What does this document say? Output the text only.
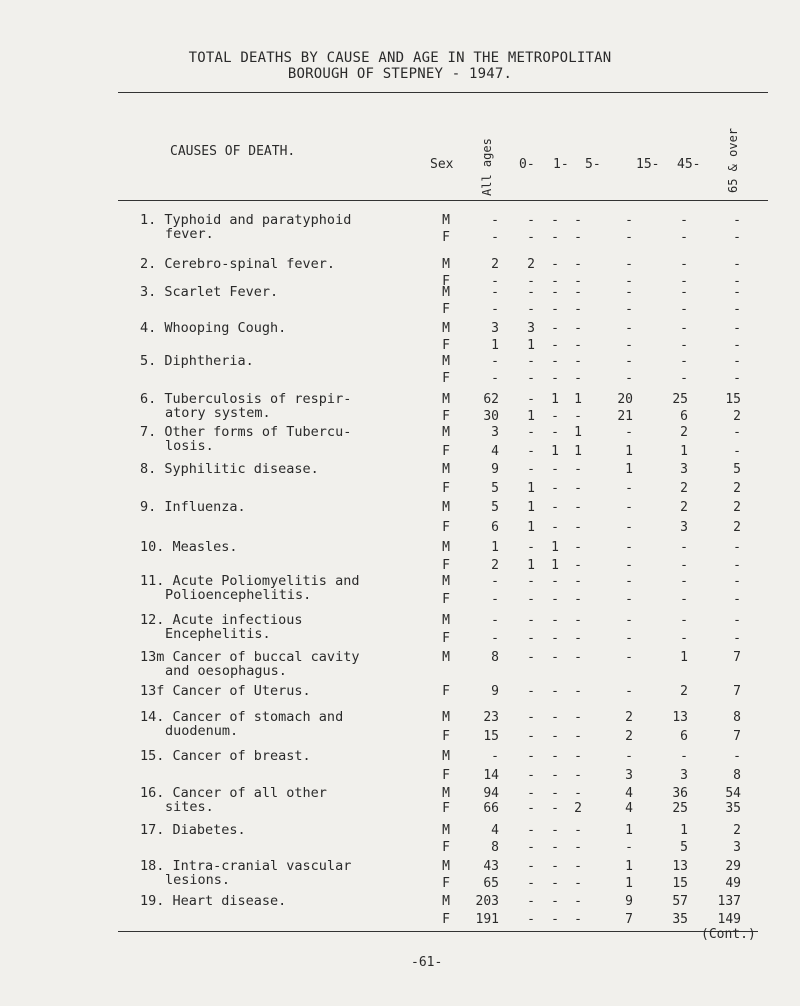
TOTAL DEATHS BY CAUSE AND AGE IN THE METROPOLITAN
BOROUGH OF STEPNEY - 1947.
CAUSES OF DEATH.
Sex All ages 0- 1- 5-	15- 45- 65 & over
1. Typhoid and paratyphoid
fever.
M	-	-	-	-	-	-	-
F	-	-	-	-	-	-	-
2. Cerebro-spinal fever.	M	2	2	-	-	-	-	-
F	-	-	-	-	-	-	-
3. Scarlet Fever.	M	-	-	-	-	-	-	-
F	-	-	-	-	-	-	-
4. Whooping Cough.	M	3	3	-	-	-	-	-
F	1	1	-	-	-	-	-
5. Diphtheria.	M	-	-	-	-	-	-	-
F	-	-	-	-	-	-	-
6. Tuberculosis of respir-
atory system.
M	62	-	1	1	20	25	15
F	30	1	-	-	21	6	2
7. Other forms of Tubercu-
losis.
M	3	-	-	1	-	2	-
F	4	-	1	1	1	1	-
8. Syphilitic disease.	M	9	-	-	-	1	3	5
F	5	1	-	-	-	2	2
9. Influenza.	M	5	1	-	-	-	2	2
F	6	1	-	-	-	3	2
10. Measles.	M	1	-	1	-	-	-	-
F	2	1	1	-	-	-	-
11. Acute Poliomyelitis and
Polioencephelitis.
M	-	-	-	-	-	-	-
F	-	-	-	-	-	-	-
12. Acute infectious
Encephelitis.
M	-	-	-	-	-	-	-
F	-	-	-	-	-	-	-
13m Cancer of buccal cavity
and oesophagus.
M	8	-	-	-	-	1	7
13f Cancer of Uterus.	F	9	-	-	-	-	2	7
14. Cancer of stomach and
duodenum.
M	23	-	-	-	2	13	8
F	15	-	-	-	2	6	7
15. Cancer of breast.	M	-	-	-	-	-	-	-
F	14	-	-	-	3	3	8
16. Cancer of all other
sites.
M	94	-	-	-	4	36	54
F	66	-	-	2	4	25	35
17. Diabetes.	M	4	-	-	-	1	1	2
F	8	-	-	-	-	5	3
18. Intra-cranial vascular
lesions.
M	43	-	-	-	1	13	29
F	65	-	-	-	1	15	49
19. Heart disease.	M	203	-	-	-	9	57	137
F	191	-	-	-	7	35	149
(Cont.)
-61-
